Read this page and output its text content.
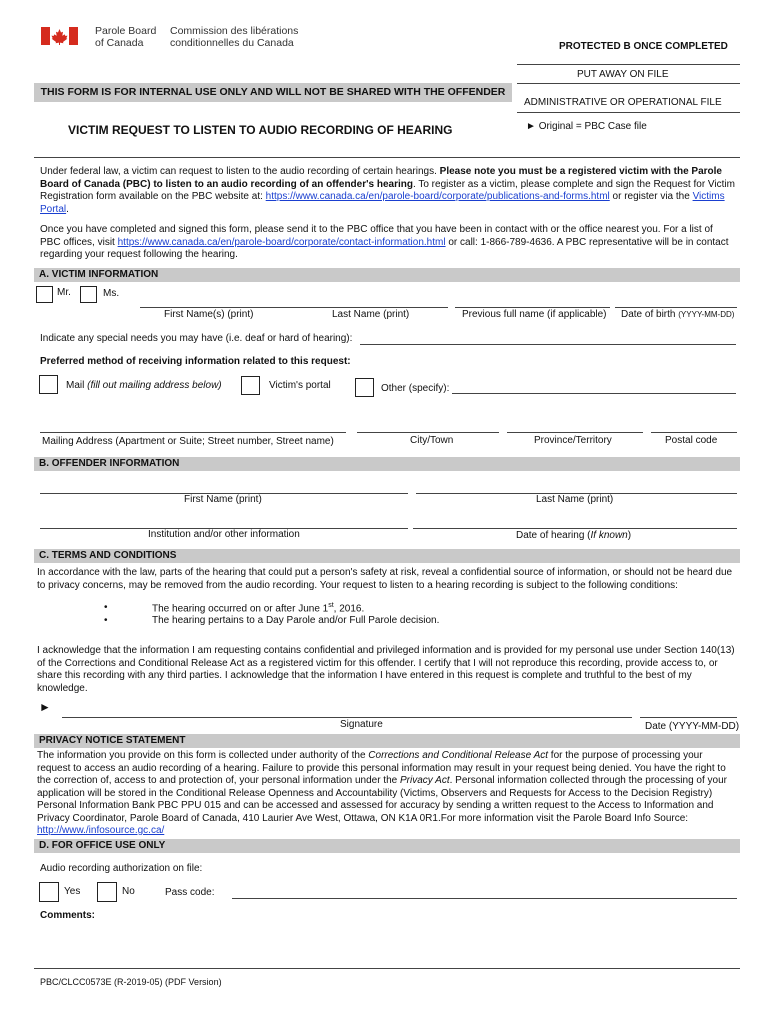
Parole Board
of Canada
Commission des libérations
conditionnelles du Canada	PROTECTED B ONCE COMPLETED
PUT AWAY ON FILE
ADMINISTRATIVE OR OPERATIONAL FILE
► Original = PBC Case file
THIS FORM IS FOR INTERNAL USE ONLY AND WILL NOT BE SHARED WITH THE OFFENDER
VICTIM REQUEST TO LISTEN TO AUDIO RECORDING OF HEARING
Under federal law, a victim can request to listen to the audio recording of certain hearings. Please note you must be a registered victim with the Parole Board of Canada (PBC) to listen to an audio recording of an offender's hearing. To register as a victim, please complete and sign the Request for Victim Registration form available on the PBC website at: https://www.canada.ca/en/parole-board/corporate/publications-and-forms.html or register via the Victims Portal.
Once you have completed and signed this form, please send it to the PBC office that you have been in contact with or the office nearest you. For a list of PBC offices, visit https://www.canada.ca/en/parole-board/corporate/contact-information.html or call: 1-866-789-4636. A PBC representative will be in contact regarding your request following the hearing.
A. VICTIM INFORMATION
Mr.	Ms.
First Name(s) (print)	Last Name (print)	Previous full name (if applicable) Date of birth (YYYY-MM-DD)
Indicate any special needs you may have (i.e. deaf or hard of hearing):
Preferred method of receiving information related to this request:
Mail (fill out mailing address below)	Victim's portal	Other (specify):
Mailing Address (Apartment or Suite; Street number, Street name)	City/Town	Province/Territory	Postal code
B. OFFENDER INFORMATION
First Name (print)	Last Name (print)
Institution and/or other information	Date of hearing (If known)
C. TERMS AND CONDITIONS
In accordance with the law, parts of the hearing that could put a person's safety at risk, reveal a confidential source of information, or should not be heard due to privacy concerns, may be removed from the audio recording. Your request to listen to a hearing recording is subject to the following conditions:
•	The hearing occurred on or after June 1st, 2016.
•	The hearing pertains to a Day Parole and/or Full Parole decision.
I acknowledge that the information I am requesting contains confidential and privileged information and is provided for my personal use under Section 140(13) of the Corrections and Conditional Release Act as a registered victim for this offender. I certify that I will not reproduce this recording, provide access to, or share this recording with any third parties. I acknowledge that the information I have entered in this request is complete and truthful to the best of my knowledge.
►
Signature	Date (YYYY-MM-DD)
PRIVACY NOTICE STATEMENT
The information you provide on this form is collected under authority of the Corrections and Conditional Release Act for the purpose of processing your request to access an audio recording of a hearing. Failure to provide this personal information may result in your request being denied. You have the right to the correction of, access to and protection of, your personal information under the Privacy Act. Personal information collected through the processing of your application will be stored in the Conditional Release Openness and Accountability (Victims, Observers and Requests for Access to the Decision Registry) Personal Information Bank PBC PPU 015 and can be accessed and assessed for accuracy by sending a written request to the Access to Information and Privacy Coordinator, Parole Board of Canada, 410 Laurier Ave West, Ottawa, ON K1A 0R1.For more information visit the Parole Board Info Source: http://www./infosource.gc.ca/
D. FOR OFFICE USE ONLY
Audio recording authorization on file:
Yes	No	Pass code:
Comments:
PBC/CLCC0573E (R-2019-05) (PDF Version)
